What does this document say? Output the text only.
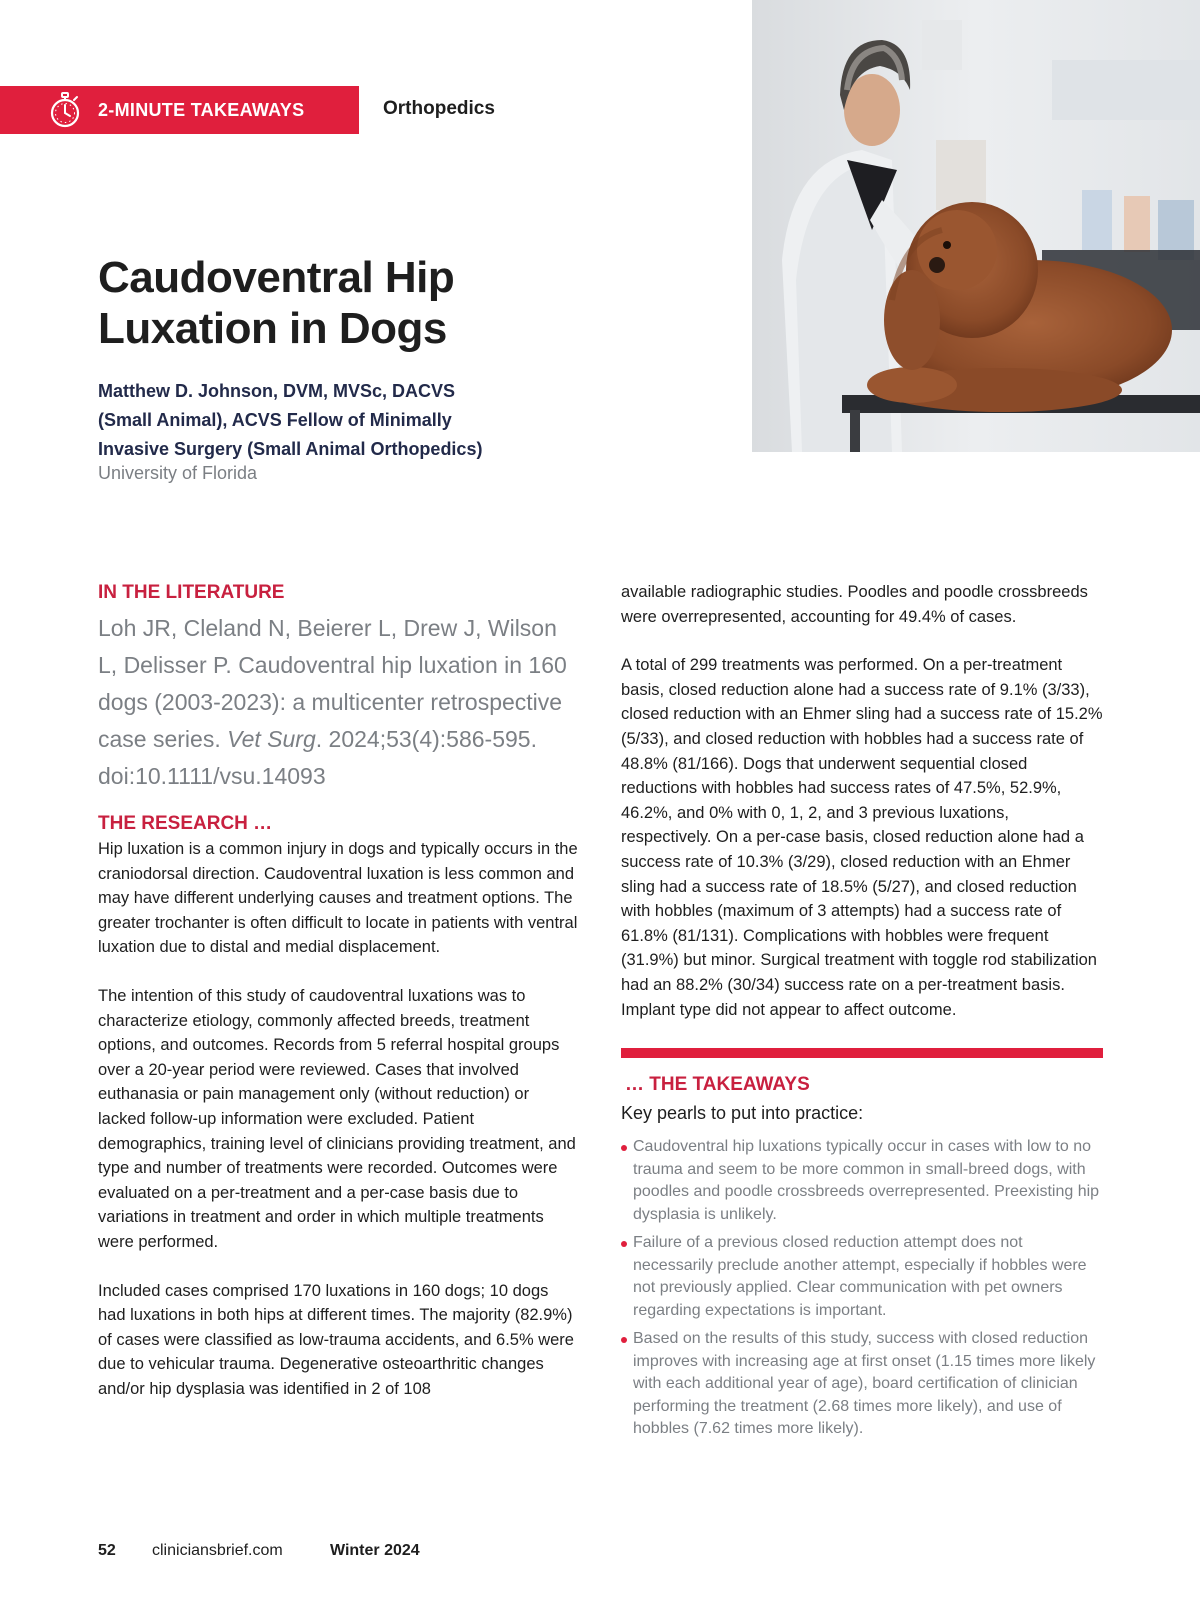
2-MINUTE TAKEAWAYS	Orthopedics
Caudoventral Hip
Luxation in Dogs
Matthew D. Johnson, DVM, MVSc, DACVS
(Small Animal), ACVS Fellow of Minimally
Invasive Surgery (Small Animal Orthopedics)
University of Florida
IN THE LITERATURE

Loh JR, Cleland N, Beierer L, Drew J, Wilson L, Delisser P. Caudoventral hip luxation in 160 dogs (2003-2023): a multicenter retrospective case series. Vet Surg. 2024;53(4):586-595. doi:10.1111/vsu.14093

THE RESEARCH …

Hip luxation is a common injury in dogs and typically occurs in the craniodorsal direction. Caudoventral luxation is less common and may have different underlying causes and treatment options. The greater trochanter is often difficult to locate in patients with ventral luxation due to distal and medial displacement.

The intention of this study of caudoventral luxations was to characterize etiology, commonly affected breeds, treatment options, and outcomes. Records from 5 referral hospital groups over a 20-year period were reviewed. Cases that involved euthanasia or pain management only (without reduction) or lacked follow-up information were excluded. Patient demographics, training level of clinicians providing treatment, and type and number of treatments were recorded. Outcomes were evaluated on a per-treatment and a per-case basis due to variations in treatment and order in which multiple treatments were performed.

Included cases comprised 170 luxations in 160 dogs; 10 dogs had luxations in both hips at different times. The majority (82.9%) of cases were classified as low-trauma accidents, and 6.5% were due to vehicular trauma. Degenerative osteoarthritic changes and/or hip dysplasia was identified in 2 of 108

available radiographic studies. Poodles and poodle crossbreeds were overrepresented, accounting for 49.4% of cases.

A total of 299 treatments was performed. On a per-treatment basis, closed reduction alone had a success rate of 9.1% (3/33), closed reduction with an Ehmer sling had a success rate of 15.2% (5/33), and closed reduction with hobbles had a success rate of 48.8% (81/166). Dogs that underwent sequential closed reductions with hobbles had success rates of 47.5%, 52.9%, 46.2%, and 0% with 0, 1, 2, and 3 previous luxations, respectively. On a per-case basis, closed reduction alone had a success rate of 10.3% (3/29), closed reduction with an Ehmer sling had a success rate of 18.5% (5/27), and closed reduction with hobbles (maximum of 3 attempts) had a success rate of 61.8% (81/131). Complications with hobbles were frequent (31.9%) but minor. Surgical treatment with toggle rod stabilization had an 88.2% (30/34) success rate on a per-treatment basis. Implant type did not appear to affect outcome.

… THE TAKEAWAYS

Key pearls to put into practice:

Caudoventral hip luxations typically occur in cases with low to no trauma and seem to be more common in small-breed dogs, with poodles and poodle crossbreeds overrepresented. Preexisting hip dysplasia is unlikely.
Failure of a previous closed reduction attempt does not necessarily preclude another attempt, especially if hobbles were not previously applied. Clear communication with pet owners regarding expectations is important.
Based on the results of this study, success with closed reduction improves with increasing age at first onset (1.15 times more likely with each additional year of age), board certification of clinician performing the treatment (2.68 times more likely), and use of hobbles (7.62 times more likely).
52	cliniciansbrief.com	Winter 2024
